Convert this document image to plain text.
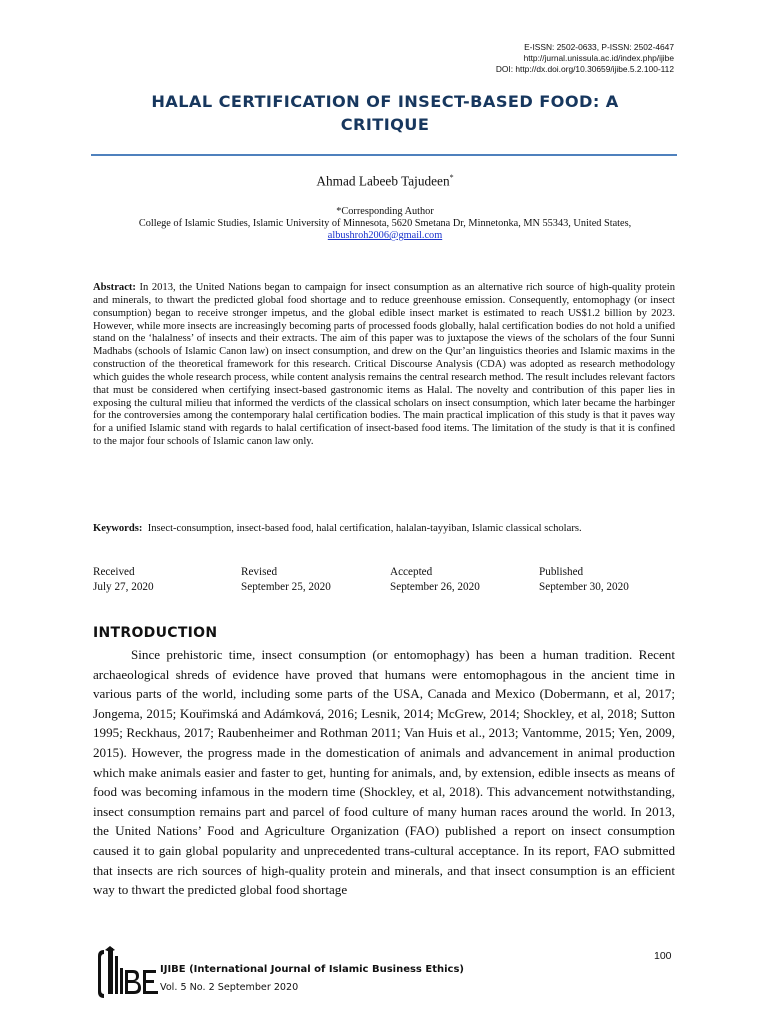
E-ISSN: 2502-0633, P-ISSN: 2502-4647
http://jurnal.unissula.ac.id/index.php/ijibe
DOI: http://dx.doi.org/10.30659/ijibe.5.2.100-112
HALAL CERTIFICATION OF INSECT-BASED FOOD: A
CRITIQUE
Ahmad Labeeb Tajudeen*
*Corresponding Author
College of Islamic Studies, Islamic University of Minnesota, 5620 Smetana Dr, Minnetonka, MN 55343, United States,
albushroh2006@gmail.com
Abstract: In 2013, the United Nations began to campaign for insect consumption as an alternative rich source of high-quality protein and minerals, to thwart the predicted global food shortage and to reduce greenhouse emission. Consequently, entomophagy (or insect consumption) began to receive stronger impetus, and the global edible insect market is estimated to reach US$1.2 billion by 2023. However, while more insects are increasingly becoming parts of processed foods globally, halal certification bodies do not hold a unified stand on the ‘halalness’ of insects and their extracts. The aim of this paper was to juxtapose the views of the scholars of the four Sunni Madhabs (schools of Islamic Canon law) on insect consumption, and drew on the Qur’an linguistics theories and Islamic maxims in the construction of the theoretical framework for this research. Critical Discourse Analysis (CDA) was adopted as research methodology which guides the whole research process, while content analysis remains the central research method. The result includes relevant factors that must be considered when certifying insect-based gastronomic items as Halal. The novelty and contribution of this paper lies in exposing the cultural milieu that informed the verdicts of the classical scholars on insect consumption, which later became the harbinger for the controversies among the contemporary halal certification bodies. The main practical implication of this study is that it paves way for a unified Islamic stand with regards to halal certification of insect-based food items. The limitation of the study is that it is confined to the major four schools of Islamic canon law only.
Keywords: Insect-consumption, insect-based food, halal certification, halalan-tayyiban, Islamic classical scholars.
Received
July 27, 2020
Revised
September 25, 2020
Accepted
September 26, 2020
Published
September 30, 2020
INTRODUCTION

Since prehistoric time, insect consumption (or entomophagy) has been a human tradition. Recent archaeological shreds of evidence have proved that humans were entomophagous in the ancient time in various parts of the world, including some parts of the USA, Canada and Mexico (Dobermann, et al, 2017; Jongema, 2015; Kouřimská and Adámková, 2016; Lesnik, 2014; McGrew, 2014; Shockley, et al, 2018; Sutton 1995; Reckhaus, 2017; Raubenheimer and Rothman 2011; Van Huis et al., 2013; Vantomme, 2015; Yen, 2009, 2015). However, the progress made in the domestication of animals and advancement in animal production which make animals easier and faster to get, hunting for animals, and, by extension, edible insects as means of food was becoming infamous in the modern time (Shockley, et al, 2018). This advancement notwithstanding, insect consumption remains part and parcel of food culture of many human races around the world. In 2013, the United Nations’ Food and Agriculture Organization (FAO) published a report on insect consumption caused it to gain global popularity and unprecedented trans-cultural acceptance. In its report, FAO submitted that insects are rich sources of high-quality protein and minerals, and that insect consumption is an efficient way to thwart the predicted global food shortage

100
IJIBE
IJIBE (International Journal of Islamic Business Ethics)
Vol. 5 No. 2 September 2020
